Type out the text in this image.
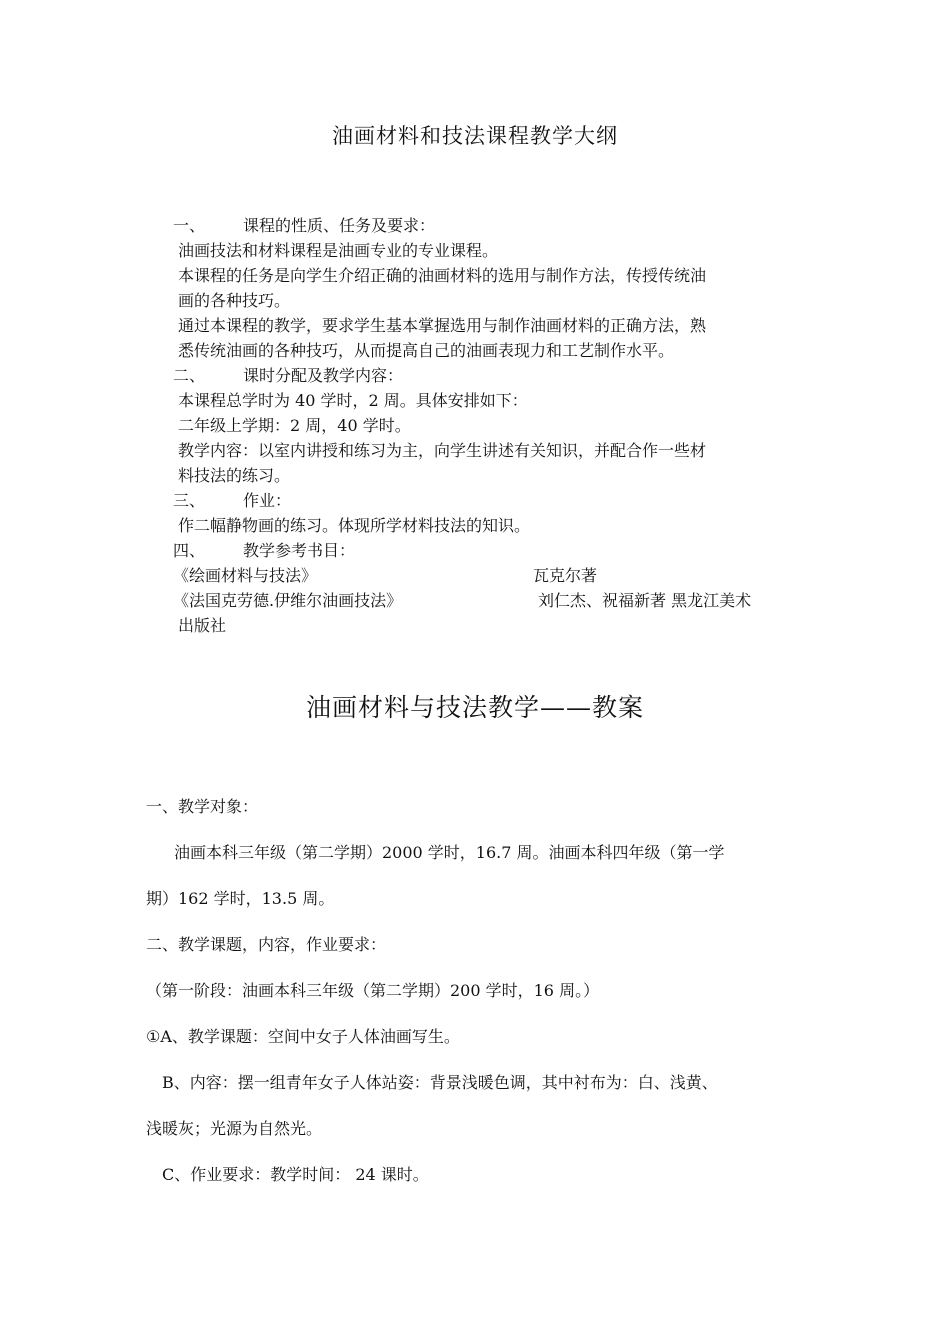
油画材料和技法课程教学大纲
一、 课程的性质、任务及要求：
油画技法和材料课程是油画专业的专业课程。
本课程的任务是向学生介绍正确的油画材料的选用与制作方法，传授传统油
画的各种技巧。
通过本课程的教学，要求学生基本掌握选用与制作油画材料的正确方法，熟
悉传统油画的各种技巧，从而提高自己的油画表现力和工艺制作水平。
二、 课时分配及教学内容：
本课程总学时为 40 学时，2 周。具体安排如下：
二年级上学期：2 周，40 学时。
教学内容：以室内讲授和练习为主，向学生讲述有关知识，并配合作一些材
料技法的练习。
三、 作业：
作二幅静物画的练习。体现所学材料技法的知识。
四、 教学参考书目：
《绘画材料与技法》	瓦克尔著
《法国克劳德.伊维尔油画技法》	刘仁杰、祝福新著 黑龙江美术
出版社
油画材料与技法教学——教案
一、教学对象：
油画本科三年级（第二学期）2000 学时，16.7 周。油画本科四年级（第一学
期）162 学时，13.5 周。
二、教学课题，内容，作业要求：
（第一阶段：油画本科三年级（第二学期）200 学时，16 周。）
①A、教学课题：空间中女子人体油画写生。
B、内容：摆一组青年女子人体站姿：背景浅暖色调，其中衬布为：白、浅黄、
浅暖灰；光源为自然光。
C、作业要求：教学时间： 24 课时。
